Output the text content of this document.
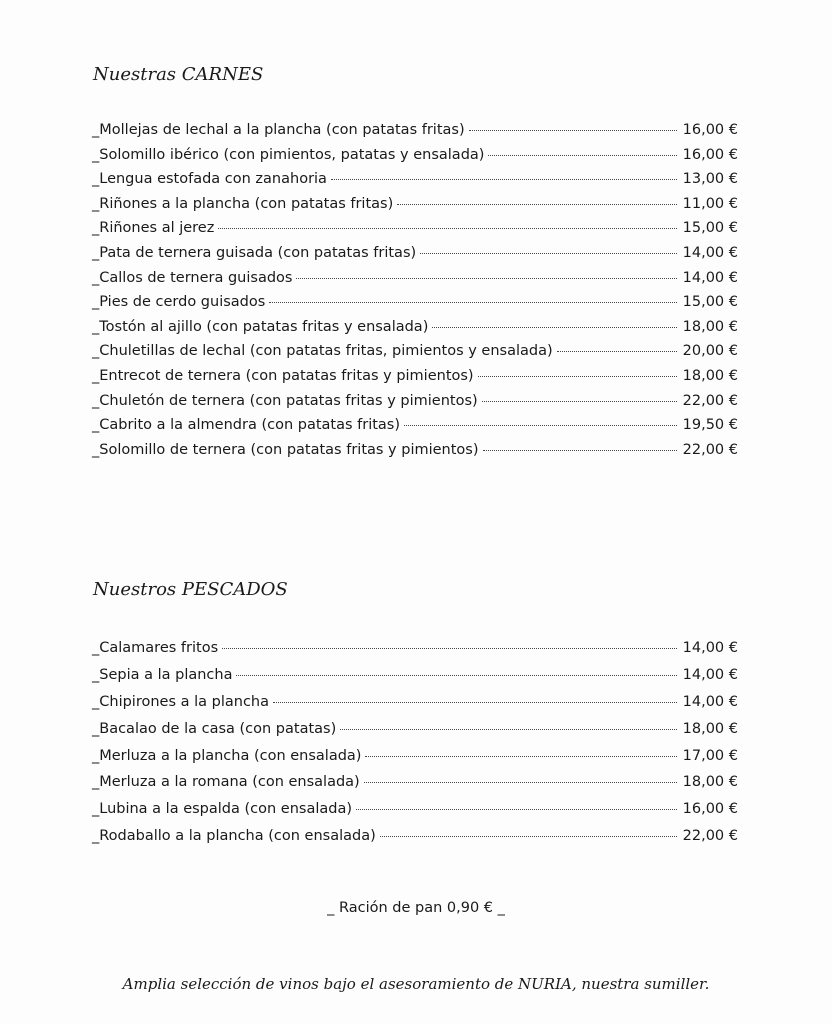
Nuestras CARNES
_Mollejas de lechal a la plancha (con patatas fritas)	16,00 €
_Solomillo ibérico (con pimientos, patatas y ensalada)	16,00 €
_Lengua estofada con zanahoria	13,00 €
_Riñones a la plancha (con patatas fritas)	11,00 €
_Riñones al jerez	15,00 €
_Pata de ternera guisada (con patatas fritas)	14,00 €
_Callos de ternera guisados	14,00 €
_Pies de cerdo guisados	15,00 €
_Tostón al ajillo (con patatas fritas y ensalada)	18,00 €
_Chuletillas de lechal (con patatas fritas, pimientos y ensalada)	20,00 €
_Entrecot de ternera (con patatas fritas y pimientos)	18,00 €
_Chuletón de ternera (con patatas fritas y pimientos)	22,00 €
_Cabrito a la almendra (con patatas fritas)	19,50 €
_Solomillo de ternera (con patatas fritas y pimientos)	22,00 €
Nuestros PESCADOS
_Calamares fritos	14,00 €
_Sepia a la plancha	14,00 €
_Chipirones a la plancha	14,00 €
_Bacalao de la casa (con patatas)	18,00 €
_Merluza a la plancha (con ensalada)	17,00 €
_Merluza a la romana (con ensalada)	18,00 €
_Lubina a la espalda (con ensalada)	16,00 €
_Rodaballo a la plancha (con ensalada)	22,00 €
_ Ración de pan 0,90 € _
Amplia selección de vinos bajo el asesoramiento de NURIA, nuestra sumiller.
